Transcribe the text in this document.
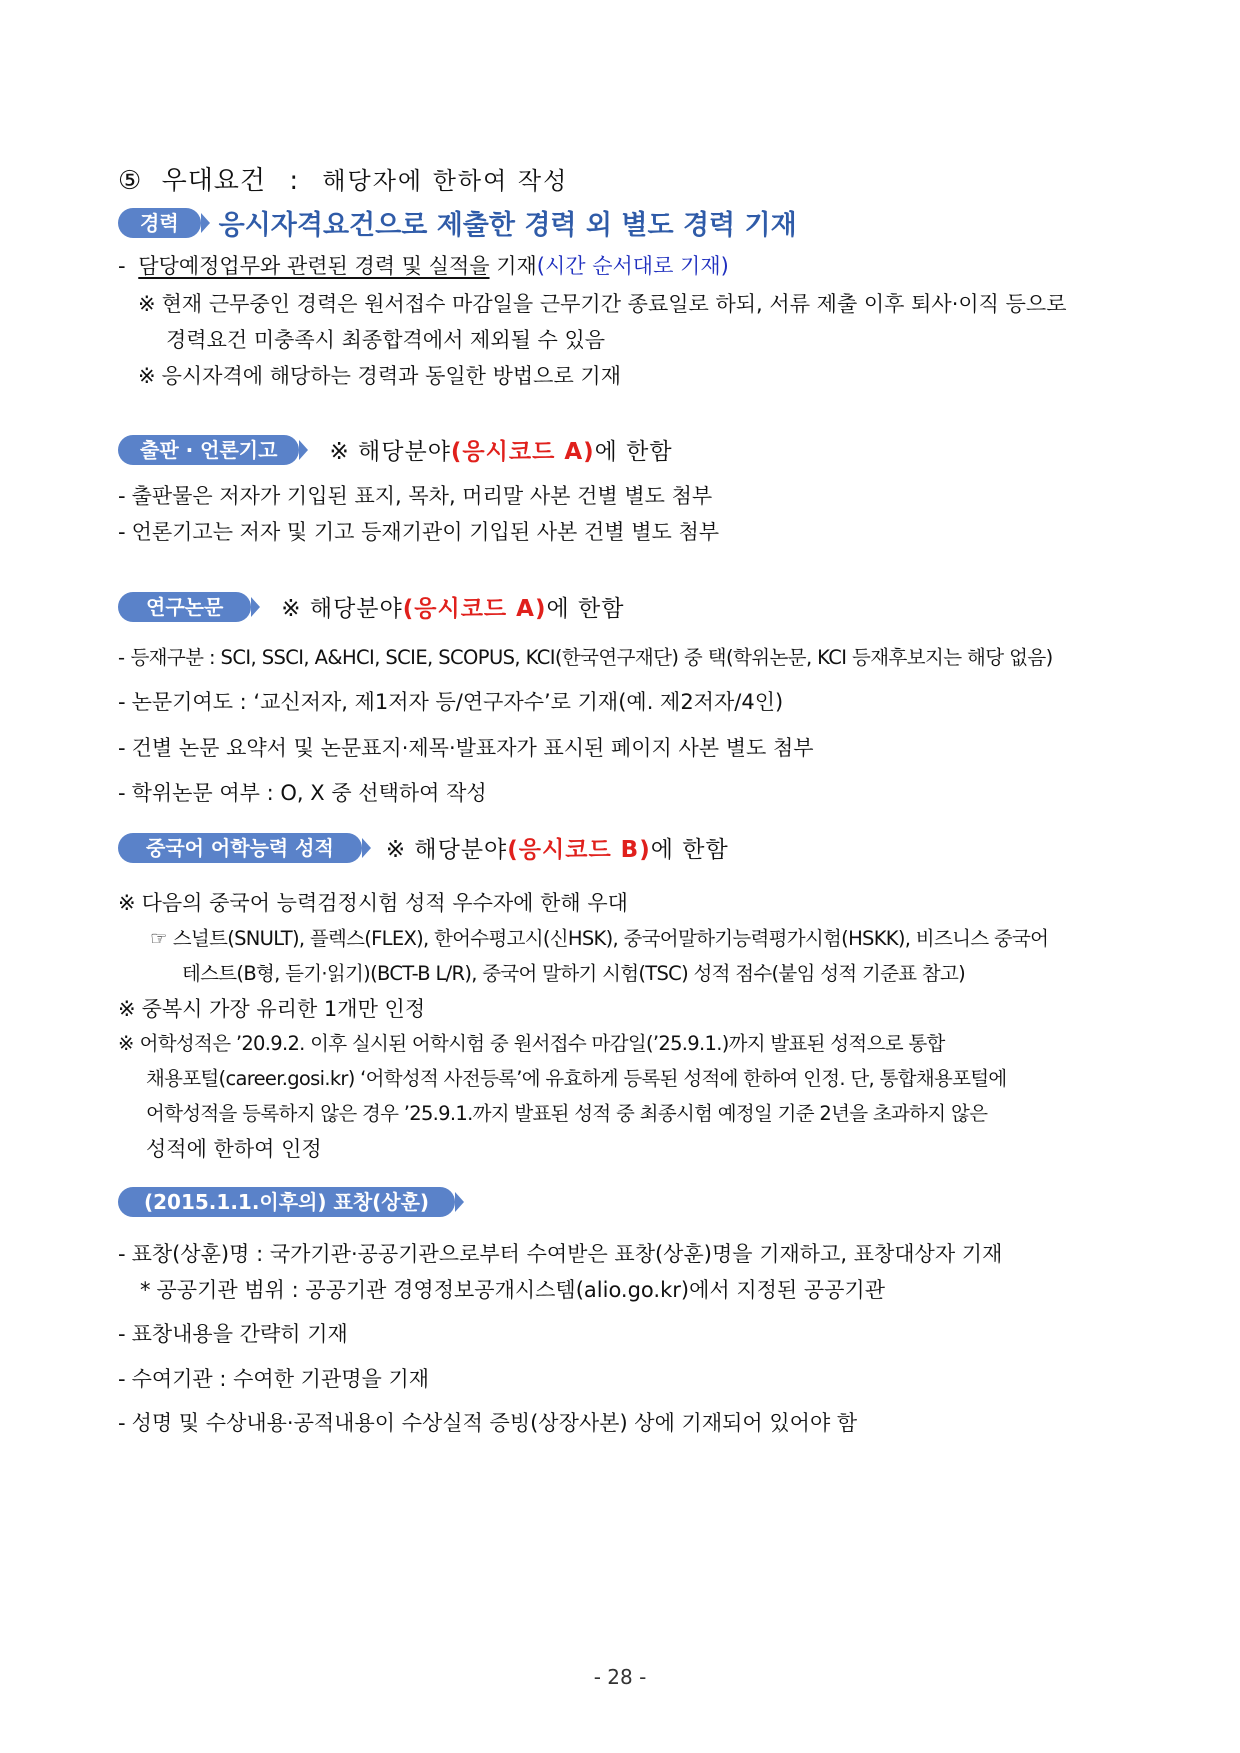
⑤ 우대요건 : 해당자에 한하여 작성
경력	응시자격요건으로 제출한 경력 외 별도 경력 기재
- 담당예정업무와 관련된 경력 및 실적을 기재(시간 순서대로 기재)
※ 현재 근무중인 경력은 원서접수 마감일을 근무기간 종료일로 하되, 서류 제출 이후 퇴사·이직 등으로
경력요건 미충족시 최종합격에서 제외될 수 있음
※ 응시자격에 해당하는 경력과 동일한 방법으로 기재
출판 · 언론기고	※ 해당분야(응시코드 A)에 한함
- 출판물은 저자가 기입된 표지, 목차, 머리말 사본 건별 별도 첨부
- 언론기고는 저자 및 기고 등재기관이 기입된 사본 건별 별도 첨부
연구논문	※ 해당분야(응시코드 A)에 한함
- 등재구분 : SCI, SSCI, A&HCI, SCIE, SCOPUS, KCI(한국연구재단) 중 택(학위논문, KCI 등재후보지는 해당 없음)
- 논문기여도 : ‘교신저자, 제1저자 등/연구자수’로 기재(예. 제2저자/4인)
- 건별 논문 요약서 및 논문표지·제목·발표자가 표시된 페이지 사본 별도 첨부
- 학위논문 여부 : O, X 중 선택하여 작성
중국어 어학능력 성적	※ 해당분야(응시코드 B)에 한함
※ 다음의 중국어 능력검정시험 성적 우수자에 한해 우대
☞ 스널트(SNULT), 플렉스(FLEX), 한어수평고시(신HSK), 중국어말하기능력평가시험(HSKK), 비즈니스 중국어
테스트(B형, 듣기·읽기)(BCT-B L/R), 중국어 말하기 시험(TSC) 성적 점수(붙임 성적 기준표 참고)
※ 중복시 가장 유리한 1개만 인정
※ 어학성적은 ’20.9.2. 이후 실시된 어학시험 중 원서접수 마감일(’25.9.1.)까지 발표된 성적으로 통합
채용포털(career.gosi.kr) ‘어학성적 사전등록’에 유효하게 등록된 성적에 한하여 인정. 단, 통합채용포털에
어학성적을 등록하지 않은 경우 ’25.9.1.까지 발표된 성적 중 최종시험 예정일 기준 2년을 초과하지 않은
성적에 한하여 인정
(2015.1.1.이후의) 표창(상훈)
- 표창(상훈)명 : 국가기관·공공기관으로부터 수여받은 표창(상훈)명을 기재하고, 표창대상자 기재
* 공공기관 범위 : 공공기관 경영정보공개시스템(alio.go.kr)에서 지정된 공공기관
- 표창내용을 간략히 기재
- 수여기관 : 수여한 기관명을 기재
- 성명 및 수상내용·공적내용이 수상실적 증빙(상장사본) 상에 기재되어 있어야 함
- 28 -
